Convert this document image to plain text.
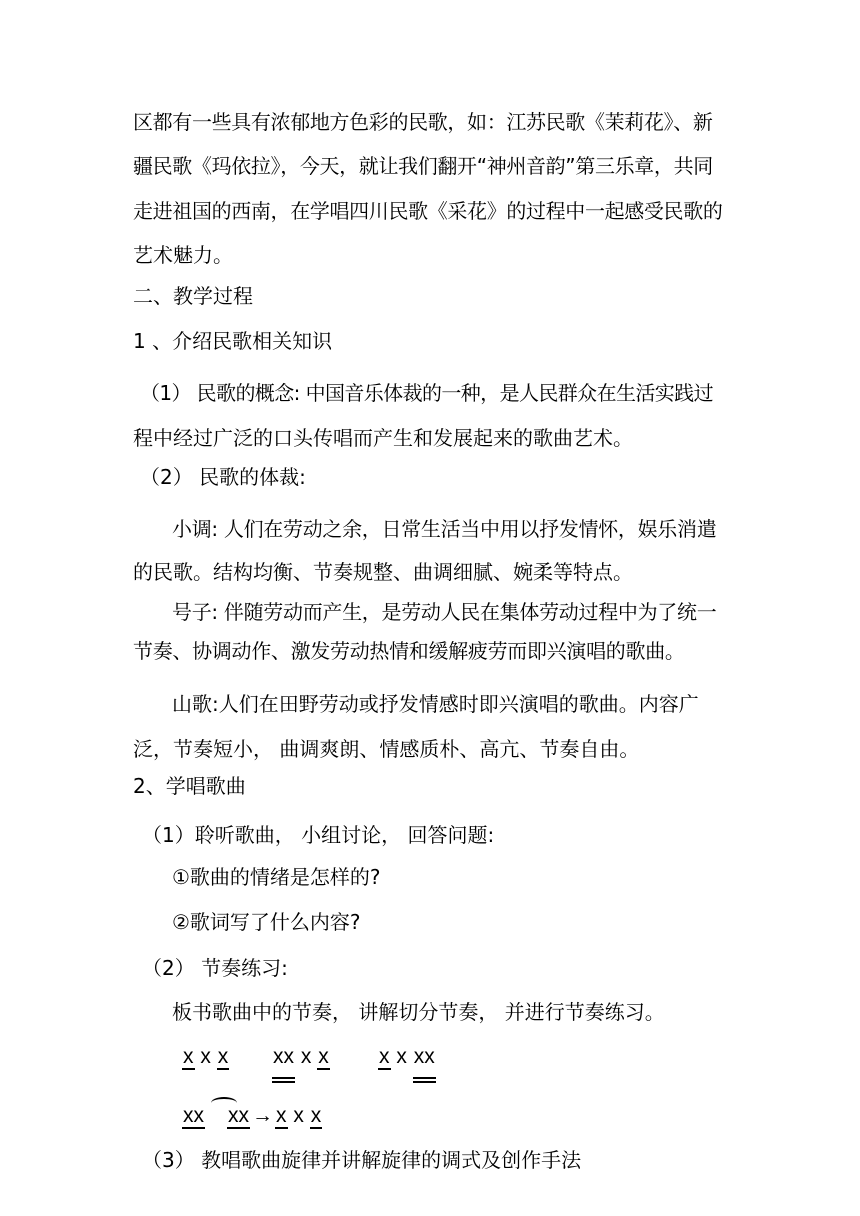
区都有一些具有浓郁地方色彩的民歌，如：江苏民歌《茉莉花》、新
疆民歌《玛依拉》，今天，就让我们翻开“神州音韵”第三乐章，共同
走进祖国的西南，在学唱四川民歌《采花》的过程中一起感受民歌的
艺术魅力。
二、教学过程
1 、介绍民歌相关知识
（1） 民歌的概念: 中国音乐体裁的一种，是人民群众在生活实践过
程中经过广泛的口头传唱而产生和发展起来的歌曲艺术。
（2） 民歌的体裁:
小调: 人们在劳动之余，日常生活当中用以抒发情怀，娱乐消遣
的民歌。结构均衡、节奏规整、曲调细腻、婉柔等特点。
号子: 伴随劳动而产生，是劳动人民在集体劳动过程中为了统一
节奏、协调动作、激发劳动热情和缓解疲劳而即兴演唱的歌曲。
山歌:人们在田野劳动或抒发情感时即兴演唱的歌曲。内容广
泛，节奏短小， 曲调爽朗、情感质朴、高亢、节奏自由。
2、学唱歌曲
（1）聆听歌曲， 小组讨论， 回答问题:
①歌曲的情绪是怎样的?
②歌词写了什么内容?
（2） 节奏练习:
板书歌曲中的节奏， 讲解切分节奏， 并进行节奏练习。
x x x xx x x x x xx
xx xx → x x x
（3） 教唱歌曲旋律并讲解旋律的调式及创作手法
